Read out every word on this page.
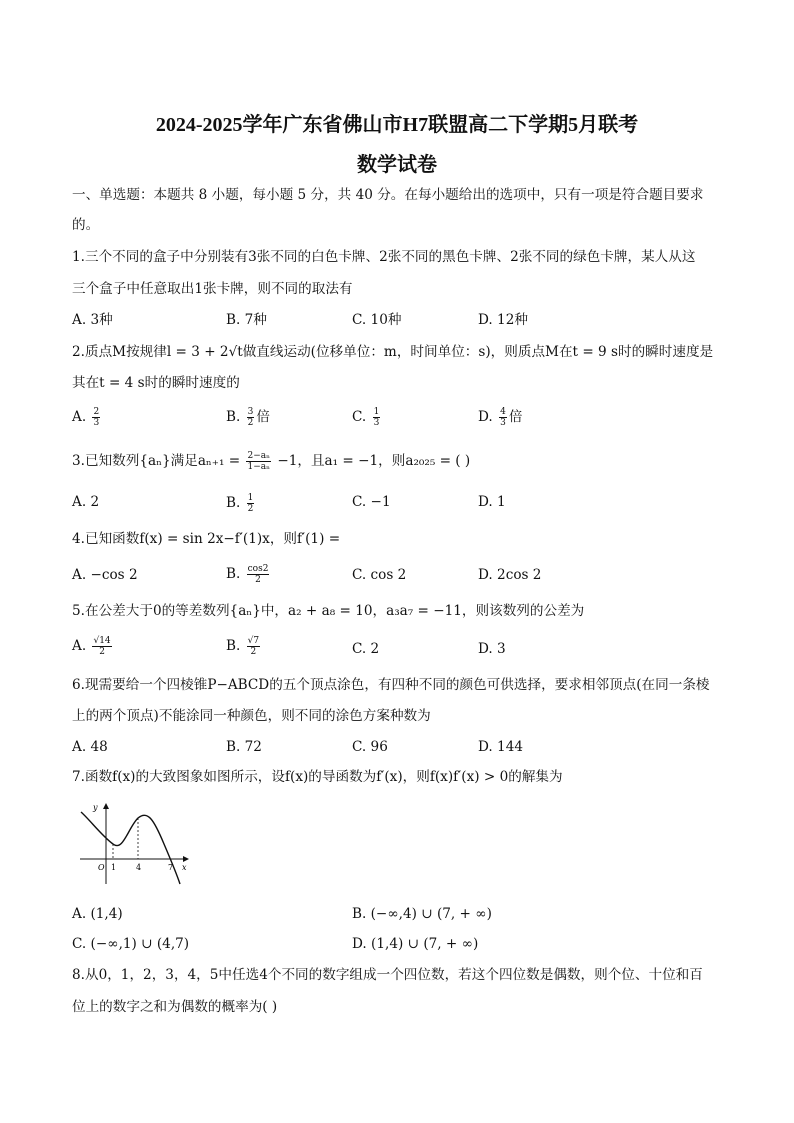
2024-2025学年广东省佛山市H7联盟高二下学期5月联考
数学试卷
一、单选题：本题共 8 小题，每小题 5 分，共 40 分。在每小题给出的选项中，只有一项是符合题目要求
的。
1.三个不同的盒子中分别装有3张不同的白色卡牌、2张不同的黑色卡牌、2张不同的绿色卡牌，某人从这
三个盒子中任意取出1张卡牌，则不同的取法有
A. 3种	B. 7种	C. 10种	D. 12种
2.质点M按规律l = 3 + 2√t做直线运动(位移单位：m，时间单位：s)，则质点M在t = 9 s时的瞬时速度是
其在t = 4 s时的瞬时速度的
A. $\frac{2}{3}$	B. $\frac{3}{2}$ 倍	C. $\frac{1}{3}$	D. $\frac{4}{3}$ 倍
3.已知数列{aₙ}满足$a_{n+1} = \frac{\text{2−aₙ}}{\text{1−aₙ}} -1$，且a₁ = −1，则a₂₀₂₅ = ( )
A. 2	B. $\frac{1}{2}$	C. −1	D. 1
4.已知函数f(x) = sin 2x−f′(1)x，则f′(1) =
A. −cos 2	B. $\frac{\cos 2}{2}$	C. cos 2	D. 2cos 2
5.在公差大于0的等差数列{aₙ}中，a₂ + a₈ = 10，a₃a₇ = −11，则该数列的公差为
A. $\frac{√14}{2}$	B. $\frac{√7}{2}$	C. 2	D. 3
6.现需要给一个四棱锥P−ABCD的五个顶点涂色，有四种不同的颜色可供选择，要求相邻顶点(在同一条棱
上的两个顶点)不能涂同一种颜色，则不同的涂色方案种数为
A. 48	B. 72	C. 96	D. 144
7.函数f(x)的大致图象如图所示，设f(x)的导函数为f′(x)，则f(x)f′(x) > 0的解集为
y
O 1 4	7 x
A. (1,4)	B. (−∞,4) ∪ (7, + ∞)
C. (−∞,1) ∪ (4,7)	D. (1,4) ∪ (7, + ∞)
8.从0，1，2，3，4，5中任选4个不同的数字组成一个四位数，若这个四位数是偶数，则个位、十位和百
位上的数字之和为偶数的概率为( )
